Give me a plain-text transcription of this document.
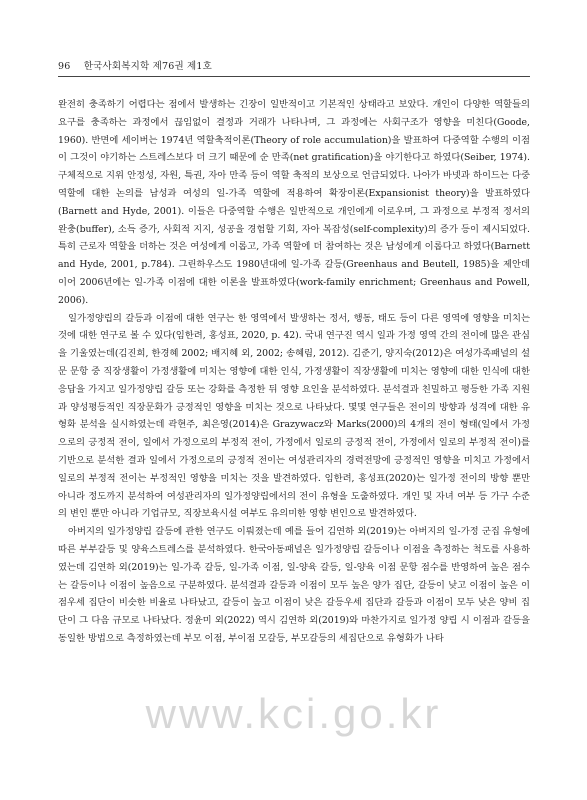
96 한국사회복지학 제76권 제1호

완전히 충족하기 어렵다는 점에서 발생하는 긴장이 일반적이고 기본적인 상태라고 보았다. 개인이 다양한 역할들의 요구를 충족하는 과정에서 끊임없이 결정과 거래가 나타나며, 그 과정에는 사회구조가 영향을 미친다(Goode, 1960). 반면에 세이버는 1974년 역할축적이론(Theory of role accumulation)을 발표하여 다중역할 수행의 이점이 그것이 야기하는 스트레스보다 더 크기 때문에 순 만족(net gratification)을 야기한다고 하였다(Seiber, 1974). 구체적으로 지위 안정성, 자원, 특권, 자아 만족 등이 역할 축적의 보상으로 언급되었다. 나아가 바넷과 하이드는 다중역할에 대한 논의를 남성과 여성의 일-가족 역할에 적용하여 확장이론(Expansionist theory)을 발표하였다(Barnett and Hyde, 2001). 이들은 다중역할 수행은 일반적으로 개인에게 이로우며, 그 과정으로 부정적 정서의 완충(buffer), 소득 증가, 사회적 지지, 성공을 경험할 기회, 자아 복잡성(self-complexity)의 증가 등이 제시되었다. 특히 근로자 역할을 더하는 것은 여성에게 이롭고, 가족 역할에 더 참여하는 것은 남성에게 이롭다고 하였다(Barnett and Hyde, 2001, p.784). 그린하우스도 1980년대에 일-가족 갈등(Greenhaus and Beutell, 1985)을 제안데 이어 2006년에는 일-가족 이점에 대한 이론을 발표하였다(work-family enrichment; Greenhaus and Powell, 2006).

일가정양립의 갈등과 이점에 대한 연구는 한 영역에서 발생하는 정서, 행동, 태도 등이 다른 영역에 영향을 미치는 것에 대한 연구로 볼 수 있다(임한려, 홍성표, 2020, p. 42). 국내 연구진 역시 일과 가정 영역 간의 전이에 많은 관심을 기울였는데(김진희, 한경혜 2002; 배지혜 외, 2002; 송혜림, 2012). 김준기, 양지숙(2012)은 여성가족패널의 설문 문항 중 직장생활이 가정생활에 미치는 영향에 대한 인식, 가정생활이 직장생활에 미치는 영향에 대한 인식에 대한 응답을 가지고 일가정양립 갈등 또는 강화를 측정한 뒤 영향 요인을 분석하였다. 분석결과 친밀하고 평등한 가족 지원과 양성평등적인 직장문화가 긍정적인 영향을 미치는 것으로 나타났다. 몇몇 연구들은 전이의 방향과 성격에 대한 유형화 분석을 실시하였는데 곽현주, 최은영(2014)은 Grazywacz와 Marks(2000)의 4개의 전이 형태(일에서 가정으로의 긍정적 전이, 일에서 가정으로의 부정적 전이, 가정에서 일로의 긍정적 전이, 가정에서 일로의 부정적 전이)를 기반으로 분석한 결과 일에서 가정으로의 긍정적 전이는 여성관리자의 경력전망에 긍정적인 영향을 미치고 가정에서 일로의 부정적 전이는 부정적인 영향을 미치는 것을 발견하였다. 임한려, 홍성표(2020)는 일가정 전이의 방향 뿐만 아니라 정도까지 분석하여 여성관리자의 일가정양립에서의 전이 유형을 도출하였다. 개인 및 자녀 여부 등 가구 수준의 변인 뿐만 아니라 기업규모, 직장보육시설 여부도 유의미한 영향 변인으로 발견하였다.

아버지의 일가정양립 갈등에 관한 연구도 이뤄졌는데 예를 들어 김연하 외(2019)는 아버지의 일-가정 군집 유형에 따른 부부갈등 및 양육스트레스를 분석하였다. 한국아동패널은 일가정양립 갈등이나 이점을 측정하는 척도를 사용하였는데 김연하 외(2019)는 일-가족 갈등, 일-가족 이점, 일-양육 갈등, 일-양육 이점 문항 점수를 반영하여 높은 점수는 갈등이나 이점이 높음으로 구분하였다. 분석결과 갈등과 이점이 모두 높은 양가 집단, 갈등이 낮고 이점이 높은 이점우세 집단이 비슷한 비율로 나타났고, 갈등이 높고 이점이 낮은 갈등우세 집단과 갈등과 이점이 모두 낮은 양비 집단이 그 다음 규모로 나타났다. 정윤미 외(2022) 역시 김연하 외(2019)와 마찬가지로 일가정 양립 시 이점과 갈등을 동일한 방법으로 측정하였는데 부모 이점, 부이점 모갈등, 부모갈등의 세집단으로 유형화가 나타

www.kci.go.kr
